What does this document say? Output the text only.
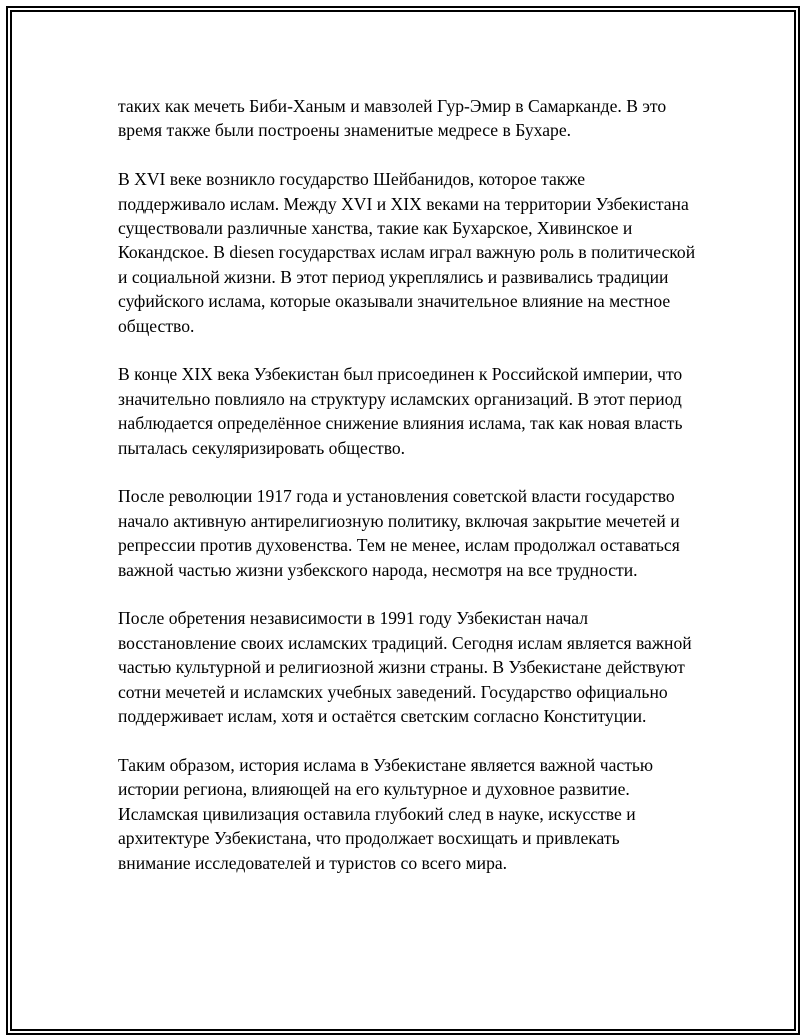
таких как мечеть Биби-Ханым и мавзолей Гур-Эмир в Самарканде. В это время также были построены знаменитые медресе в Бухаре.

В XVI веке возникло государство Шейбанидов, которое также поддерживало ислам. Между XVI и XIX веками на территории Узбекистана существовали различные ханства, такие как Бухарское, Хивинское и Кокандское. В diesen государствах ислам играл важную роль в политической и социальной жизни. В этот период укреплялись и развивались традиции суфийского ислама, которые оказывали значительное влияние на местное общество.

В конце XIX века Узбекистан был присоединен к Российской империи, что значительно повлияло на структуру исламских организаций. В этот период наблюдается определённое снижение влияния ислама, так как новая власть пыталась секуляризировать общество.

После революции 1917 года и установления советской власти государство начало активную антирелигиозную политику, включая закрытие мечетей и репрессии против духовенства. Тем не менее, ислам продолжал оставаться важной частью жизни узбекского народа, несмотря на все трудности.

После обретения независимости в 1991 году Узбекистан начал восстановление своих исламских традиций. Сегодня ислам является важной частью культурной и религиозной жизни страны. В Узбекистане действуют сотни мечетей и исламских учебных заведений. Государство официально поддерживает ислам, хотя и остаётся светским согласно Конституции.

Таким образом, история ислама в Узбекистане является важной частью истории региона, влияющей на его культурное и духовное развитие. Исламская цивилизация оставила глубокий след в науке, искусстве и архитектуре Узбекистана, что продолжает восхищать и привлекать внимание исследователей и туристов со всего мира.
